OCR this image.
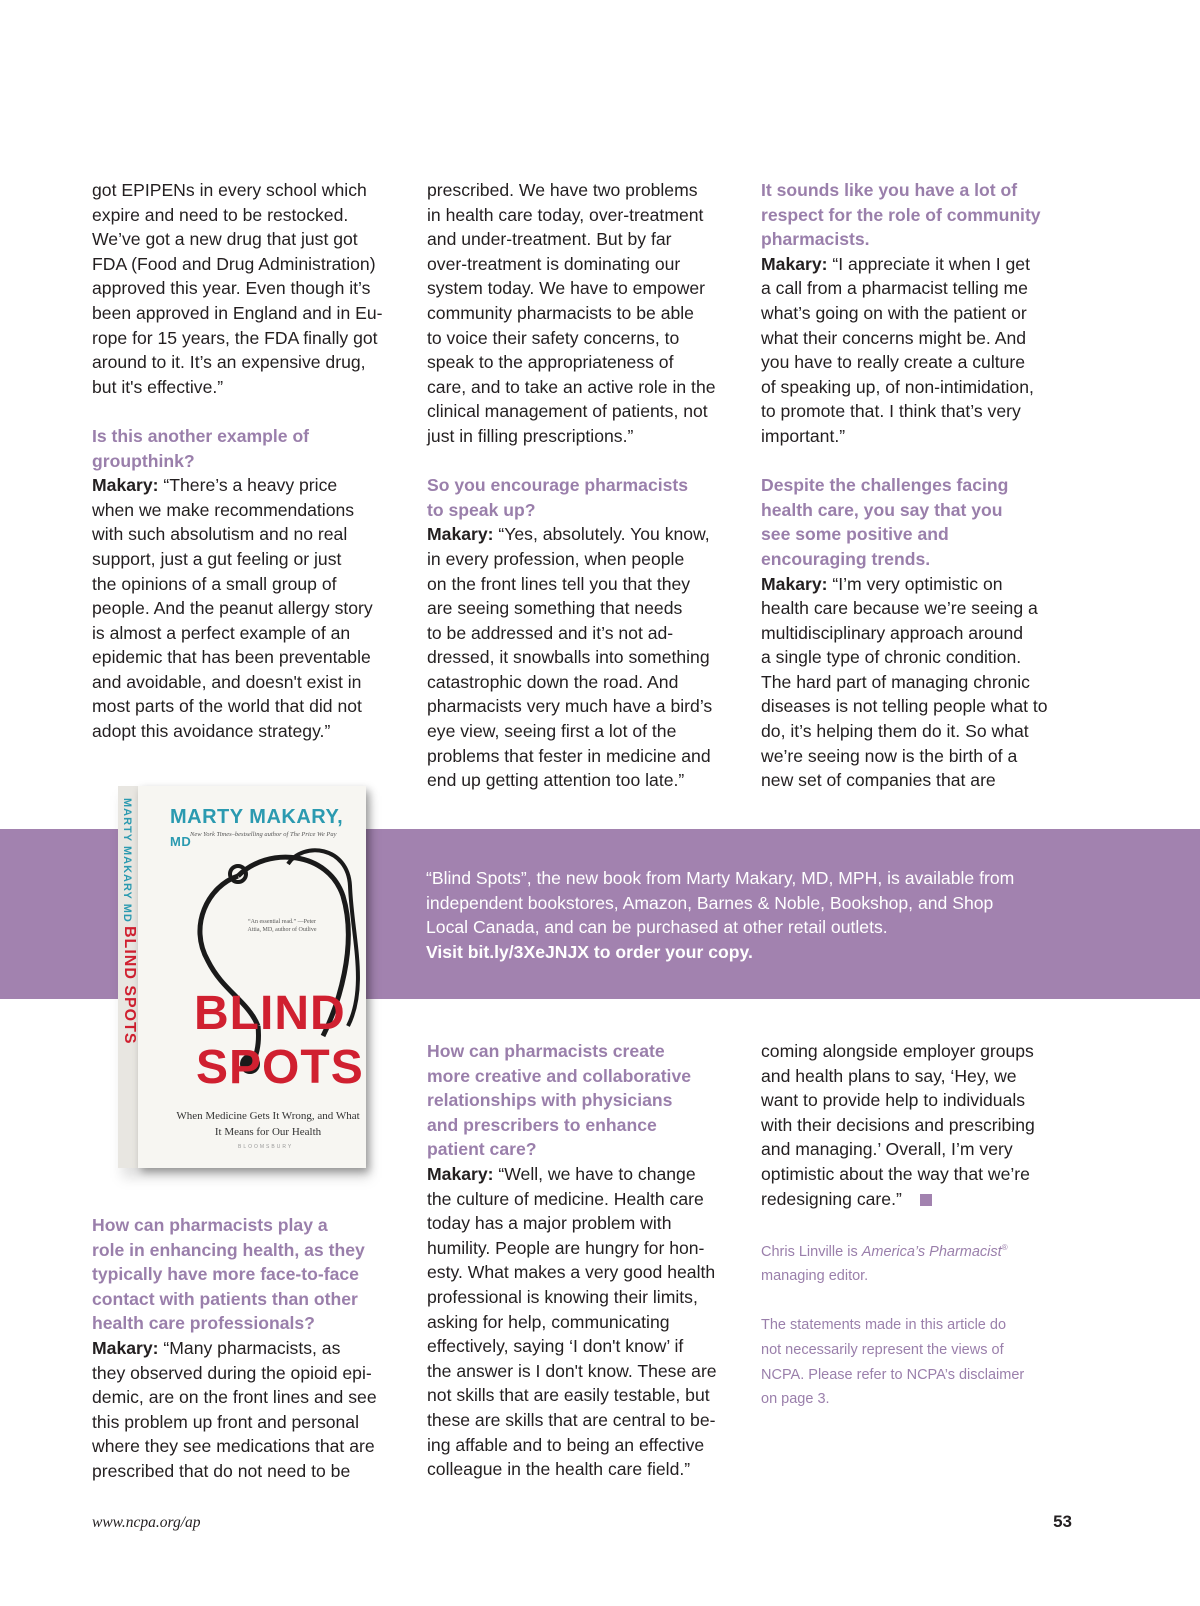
got EPIPENs in every school which
expire and need to be restocked.
We’ve got a new drug that just got
FDA (Food and Drug Administration)
approved this year. Even though it’s
been approved in England and in Eu-
rope for 15 years, the FDA finally got
around to it. It’s an expensive drug,
but it's effective.”
Is this another example of
groupthink?
Makary: “There’s a heavy price
when we make recommendations
with such absolutism and no real
support, just a gut feeling or just
the opinions of a small group of
people. And the peanut allergy story
is almost a perfect example of an
epidemic that has been preventable
and avoidable, and doesn't exist in
most parts of the world that did not
adopt this avoidance strategy.”
prescribed. We have two problems
in health care today, over-treatment
and under-treatment. But by far
over-treatment is dominating our
system today. We have to empower
community pharmacists to be able
to voice their safety concerns, to
speak to the appropriateness of
care, and to take an active role in the
clinical management of patients, not
just in filling prescriptions.”
So you encourage pharmacists
to speak up?
Makary: “Yes, absolutely. You know,
in every profession, when people
on the front lines tell you that they
are seeing something that needs
to be addressed and it’s not ad-
dressed, it snowballs into something
catastrophic down the road. And
pharmacists very much have a bird’s
eye view, seeing first a lot of the
problems that fester in medicine and
end up getting attention too late.”
It sounds like you have a lot of
respect for the role of community
pharmacists.
Makary: “I appreciate it when I get
a call from a pharmacist telling me
what’s going on with the patient or
what their concerns might be. And
you have to really create a culture
of speaking up, of non-intimidation,
to promote that. I think that’s very
important.”
Despite the challenges facing
health care, you say that you
see some positive and
encouraging trends.
Makary: “I’m very optimistic on
health care because we’re seeing a
multidisciplinary approach around
a single type of chronic condition.
The hard part of managing chronic
diseases is not telling people what to
do, it’s helping them do it. So what
we’re seeing now is the birth of a
new set of companies that are
“Blind Spots”, the new book from Marty Makary, MD, MPH, is available from
independent bookstores, Amazon, Barnes & Noble, Bookshop, and Shop
Local Canada, and can be purchased at other retail outlets.
Visit bit.ly/3XeJNJX to order your copy.
MARTY MAKARY MD
BLIND SPOTS
MARTY MAKARY, MD
New York Times–bestselling author of The Price We Pay
“An essential read.” —Peter Attia, MD, author of Outlive
BLIND
SPOTS
When Medicine Gets It Wrong, and What It Means for Our Health
BLOOMSBURY
How can pharmacists play a
role in enhancing health, as they
typically have more face-to-face
contact with patients than other
health care professionals?
Makary: “Many pharmacists, as
they observed during the opioid epi-
demic, are on the front lines and see
this problem up front and personal
where they see medications that are
prescribed that do not need to be
How can pharmacists create
more creative and collaborative
relationships with physicians
and prescribers to enhance
patient care?
Makary: “Well, we have to change
the culture of medicine. Health care
today has a major problem with
humility. People are hungry for hon-
esty. What makes a very good health
professional is knowing their limits,
asking for help, communicating
effectively, saying ‘I don't know’ if
the answer is I don't know. These are
not skills that are easily testable, but
these are skills that are central to be-
ing affable and to being an effective
colleague in the health care field.”
coming alongside employer groups
and health plans to say, ‘Hey, we
want to provide help to individuals
with their decisions and prescribing
and managing.’ Overall, I’m very
optimistic about the way that we’re
redesigning care.”
Chris Linville is America’s Pharmacist®
managing editor.
The statements made in this article do
not necessarily represent the views of
NCPA. Please refer to NCPA’s disclaimer
on page 3.
www.ncpa.org/ap	53
